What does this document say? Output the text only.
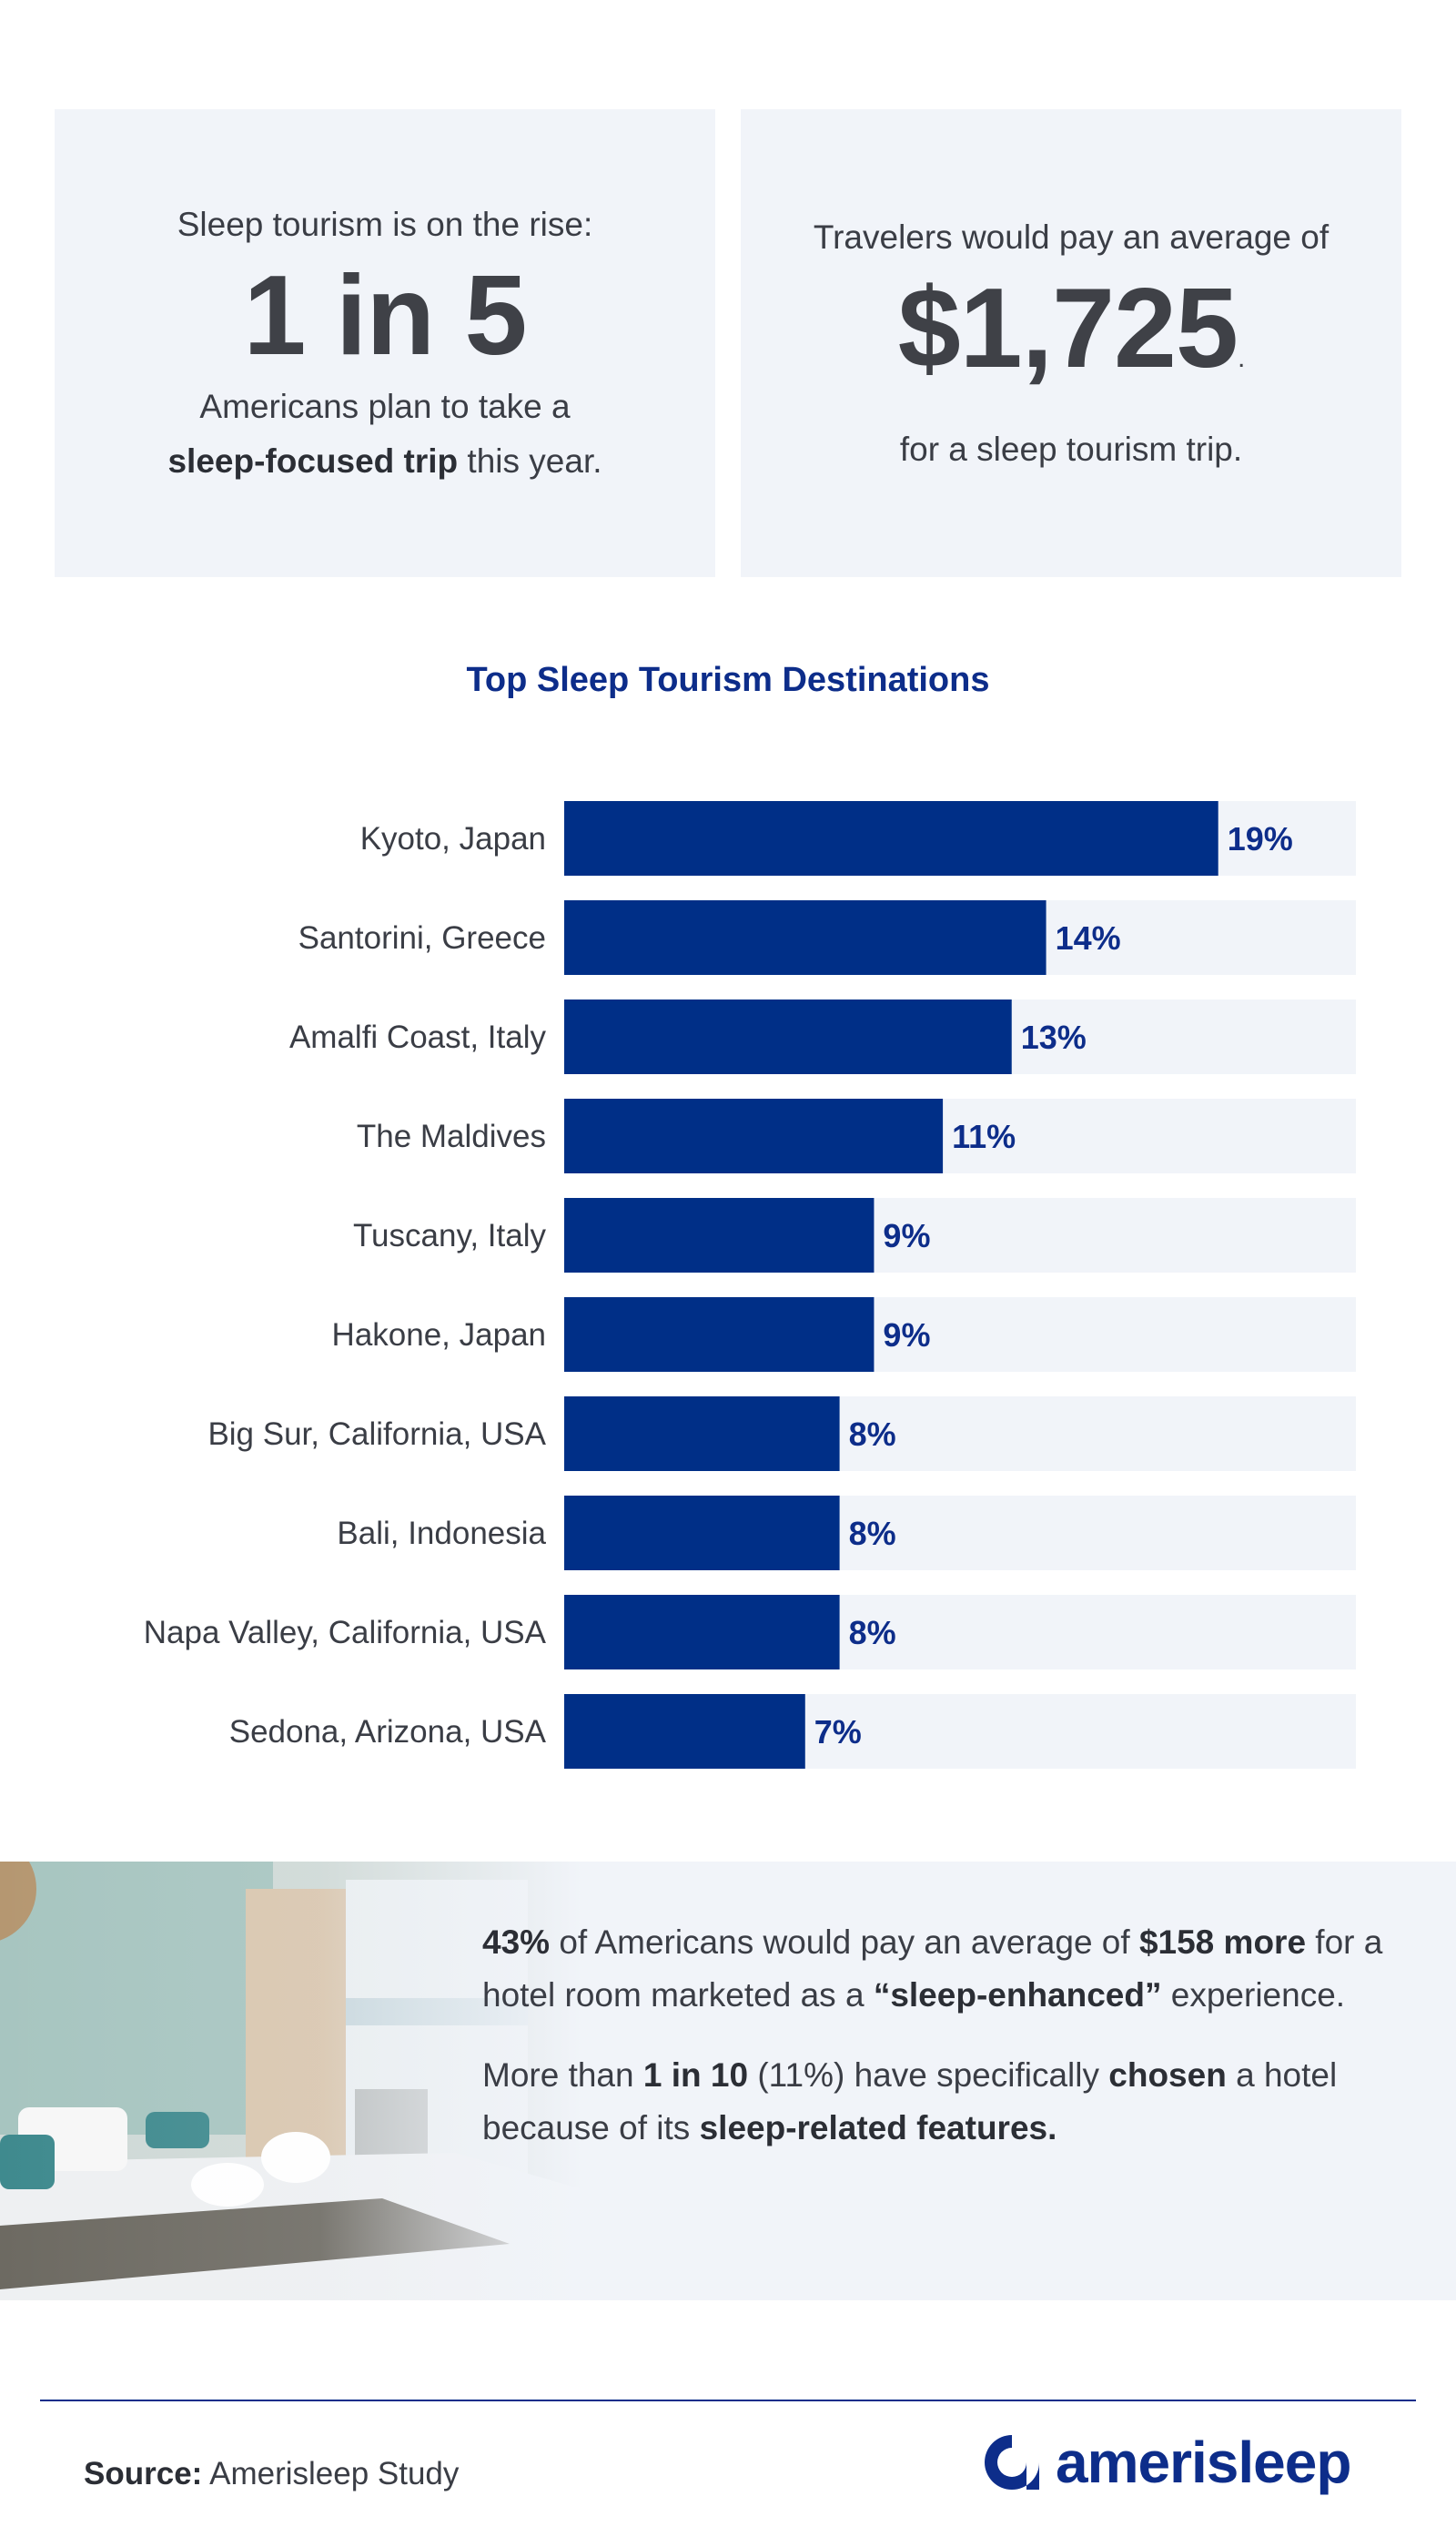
Sleep tourism is on the rise:
1 in 5
Americans plan to take a
sleep-focused trip this year.
Travelers would pay an average of
$1,725.
for a sleep tourism trip.
Top Sleep Tourism Destinations
Kyoto, Japan	19%
Santorini, Greece	14%
Amalfi Coast, Italy	13%
The Maldives	11%
Tuscany, Italy	9%
Hakone, Japan	9%
Big Sur, California, USA	8%
Bali, Indonesia	8%
Napa Valley, California, USA	8%
Sedona, Arizona, USA	7%

43% of Americans would pay an average of $158 more for a hotel room marketed as a “sleep-enhanced” experience.

More than 1 in 10 (11%) have specifically chosen a hotel because of its sleep-related features.

Source: Amerisleep Study	amerisleep
